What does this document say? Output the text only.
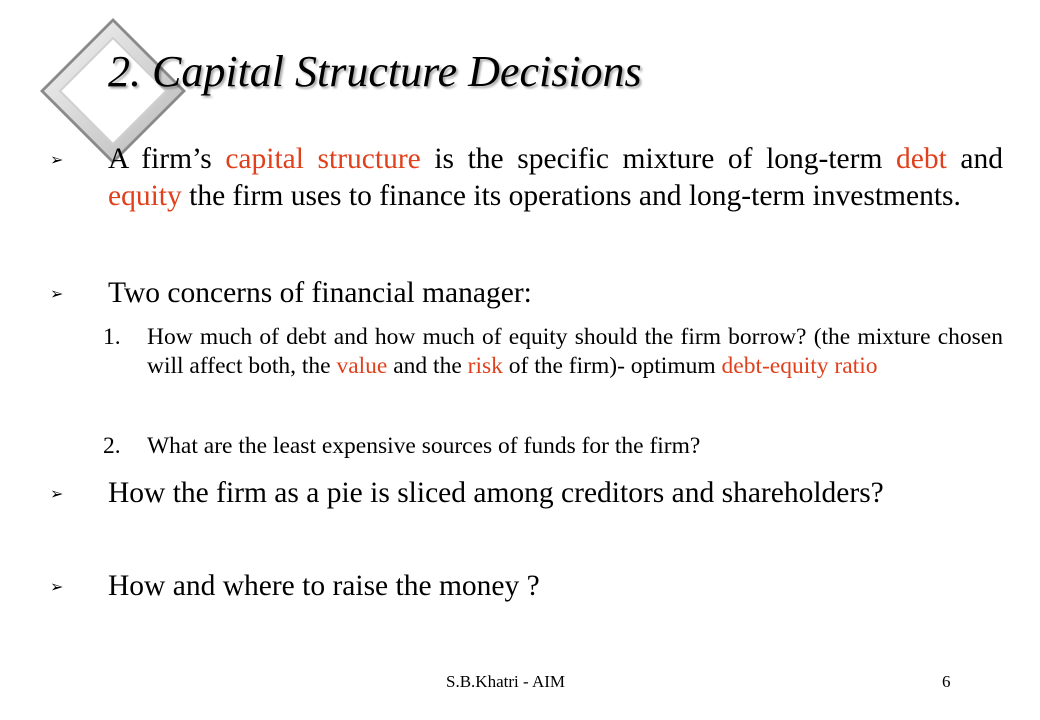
2. Capital Structure Decisions
➢ A firm’s capital structure is the specific mixture of long-term debt and equity the firm uses to finance its operations and long-term investments.
➢ Two concerns of financial manager:
1. How much of debt and how much of equity should the firm borrow? (the mixture chosen will affect both, the value and the risk of the firm)- optimum debt-equity ratio
2. What are the least expensive sources of funds for the firm?
➢ How the firm as a pie is sliced among creditors and shareholders?
➢ How and where to raise the money ?
S.B.Khatri - AIM	6
